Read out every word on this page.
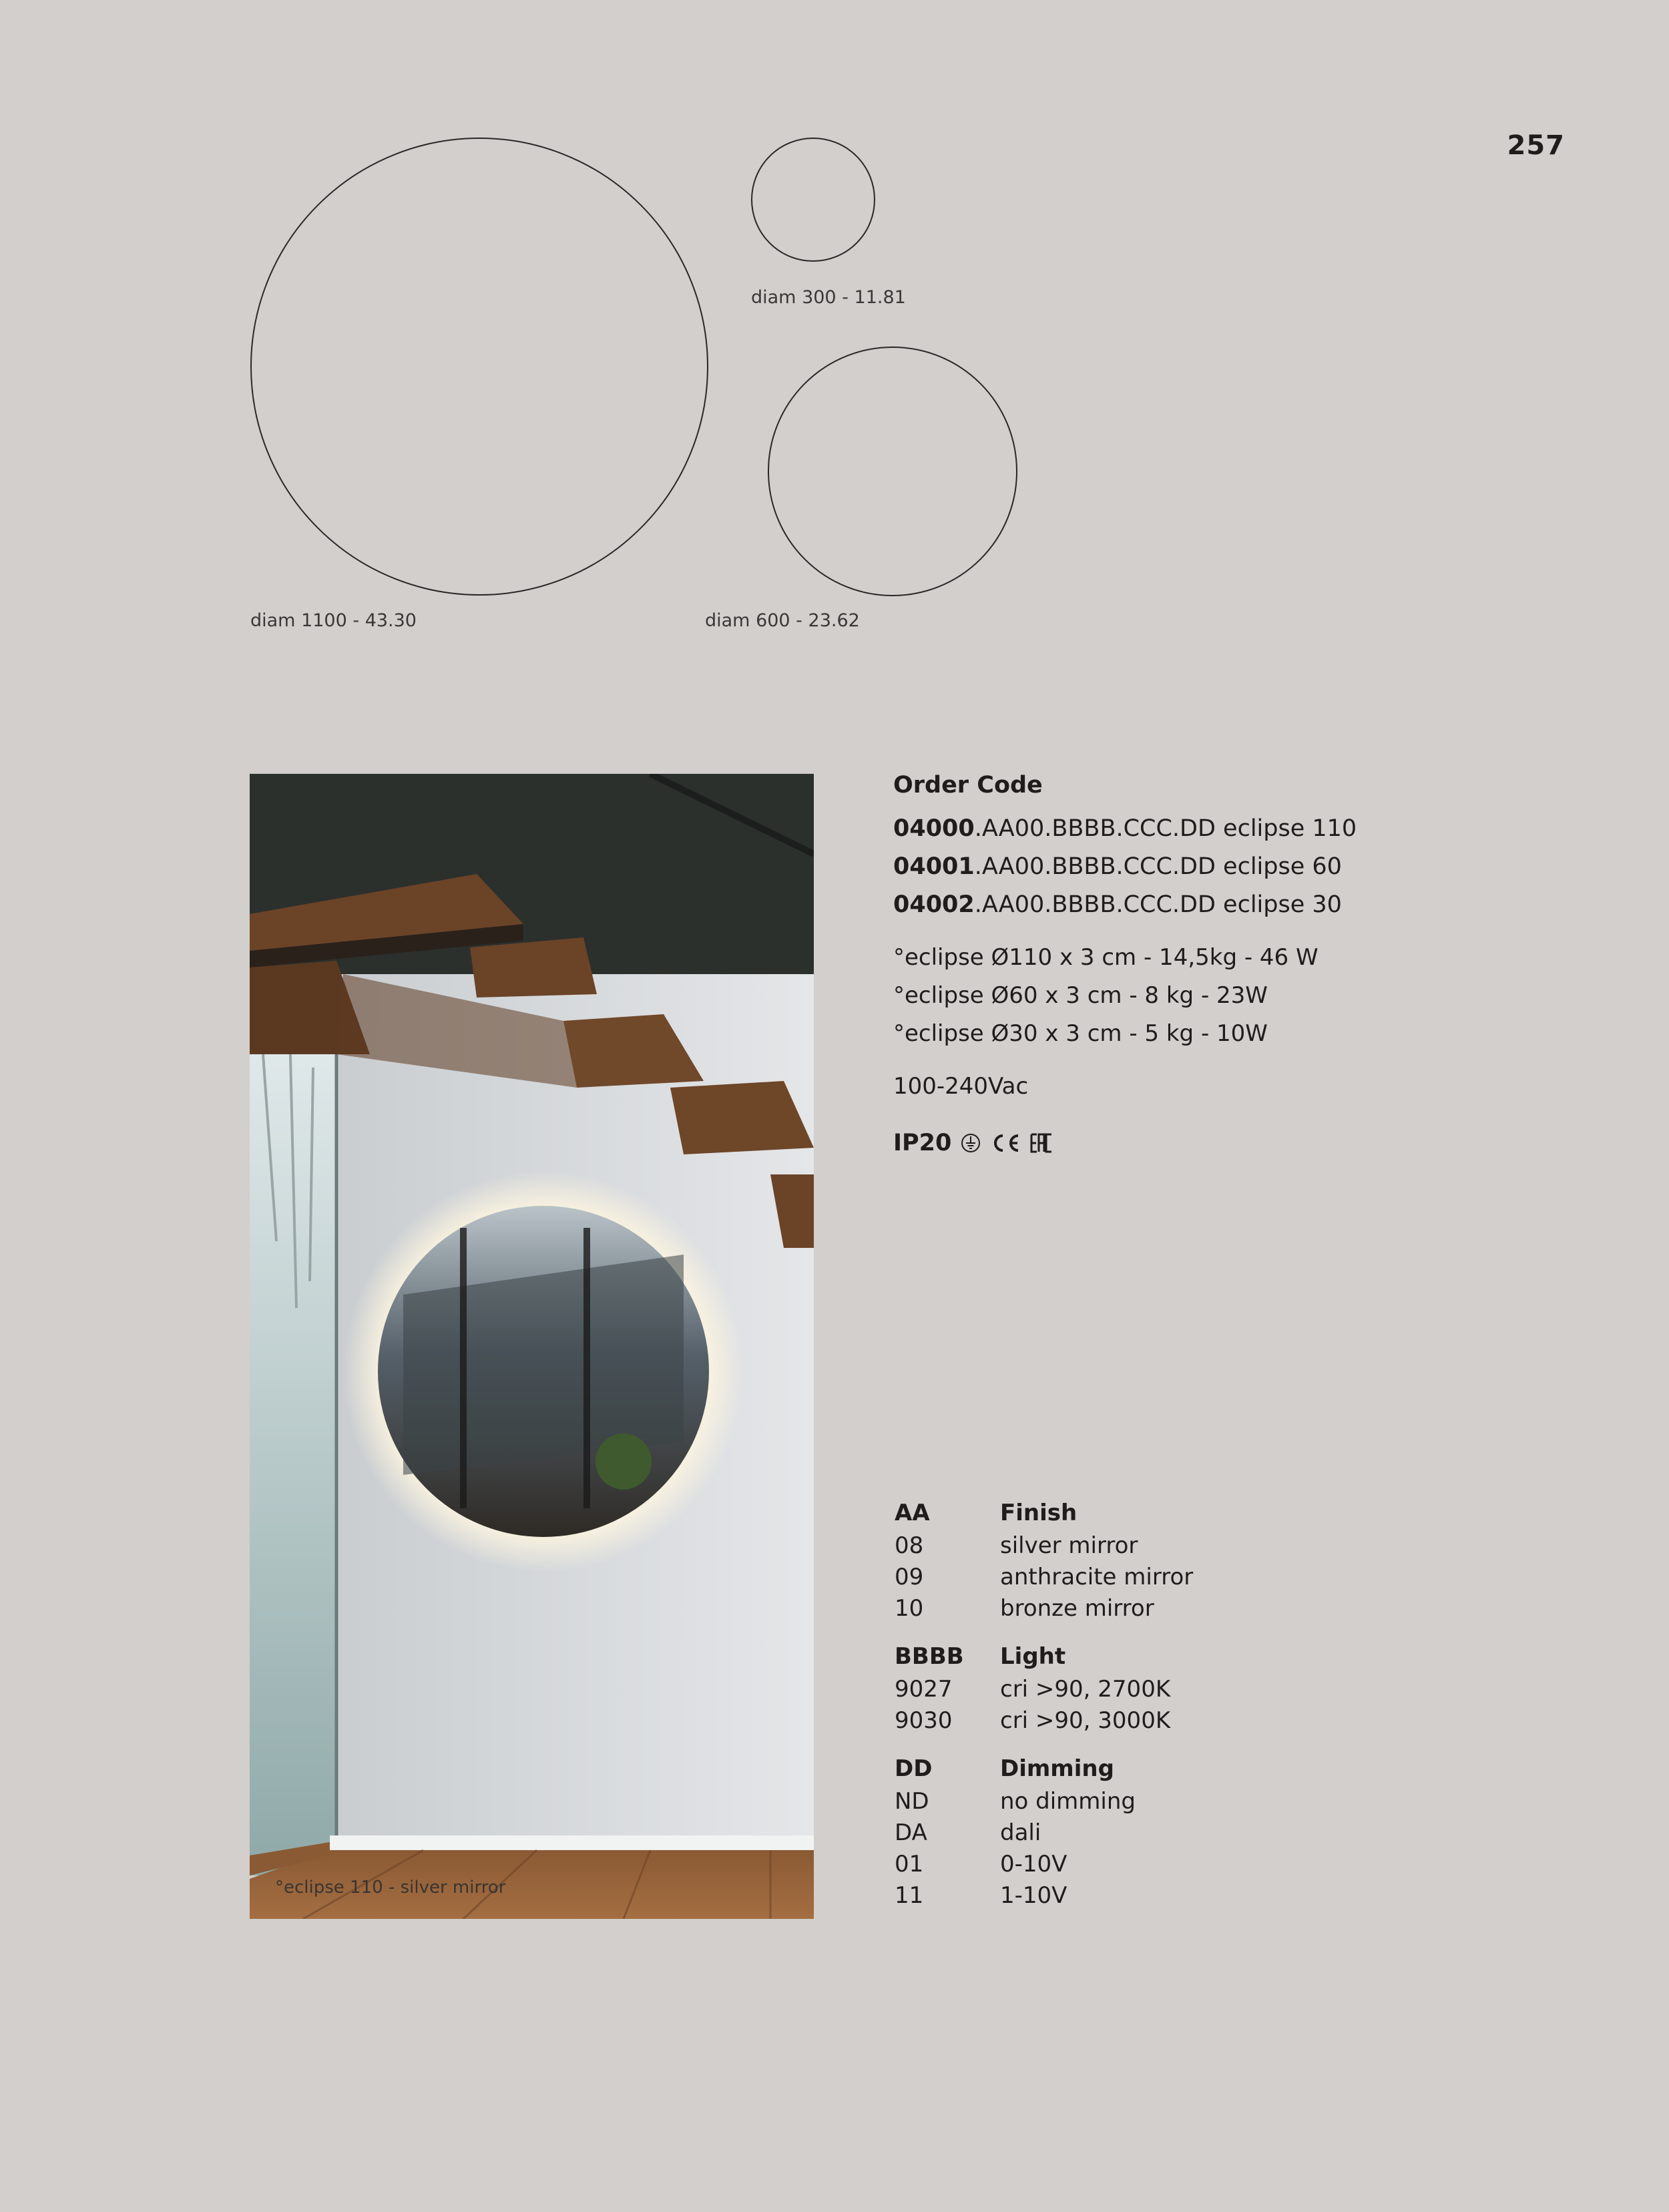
257
diam 1100 - 43.30
diam 300 - 11.81
diam 600 - 23.62
°eclipse 110 - silver mirror
Order Code
04000.AA00.BBBB.CCC.DD eclipse 110
04001.AA00.BBBB.CCC.DD eclipse 60
04002.AA00.BBBB.CCC.DD eclipse 30
°eclipse Ø110 x 3 cm - 14,5kg - 46 W
°eclipse Ø60 x 3 cm - 8 kg - 23W
°eclipse Ø30 x 3 cm - 5 kg - 10W
100-240Vac
IP20
AA	Finish
08	silver mirror
09	anthracite mirror
10	bronze mirror
BBBB	Light
9027	cri >90, 2700K
9030	cri >90, 3000K
DD	Dimming
ND	no dimming
DA	dali
01	0-10V
11	1-10V
